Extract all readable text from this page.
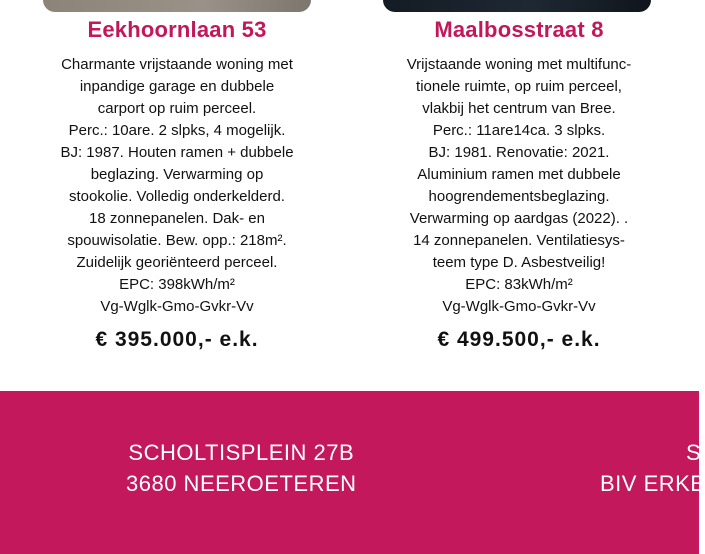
Eekhoornlaan 53
Charmante vrijstaande woning met
inpandige garage en dubbele
carport op ruim perceel.
Perc.: 10are. 2 slpks, 4 mogelijk.
BJ: 1987. Houten ramen + dubbele
beglazing. Verwarming op
stookolie. Volledig onderkelderd.
18 zonnepanelen. Dak- en
spouwisolatie. Bew. opp.: 218m².
Zuidelijk georiënteerd perceel.
EPC: 398kWh/m²
Vg-Wglk-Gmo-Gvkr-Vv
€ 395.000,- e.k.
Maalbosstraat 8
Vrijstaande woning met multifunc-
tionele ruimte, op ruim perceel,
vlakbij het centrum van Bree.
Perc.: 11are14ca. 3 slpks.
BJ: 1981. Renovatie: 2021.
Aluminium ramen met dubbele
hoogrendementsbeglazing.
Verwarming op aardgas (2022). .
14 zonnepanelen. Ventilatiesys-
teem type D. Asbestveilig!
EPC: 83kWh/m²
Vg-Wglk-Gmo-Gvkr-Vv
€ 499.500,- e.k.
SCHOLTISPLEIN 27B
3680 NEEROETEREN
S
BIV ERKE
